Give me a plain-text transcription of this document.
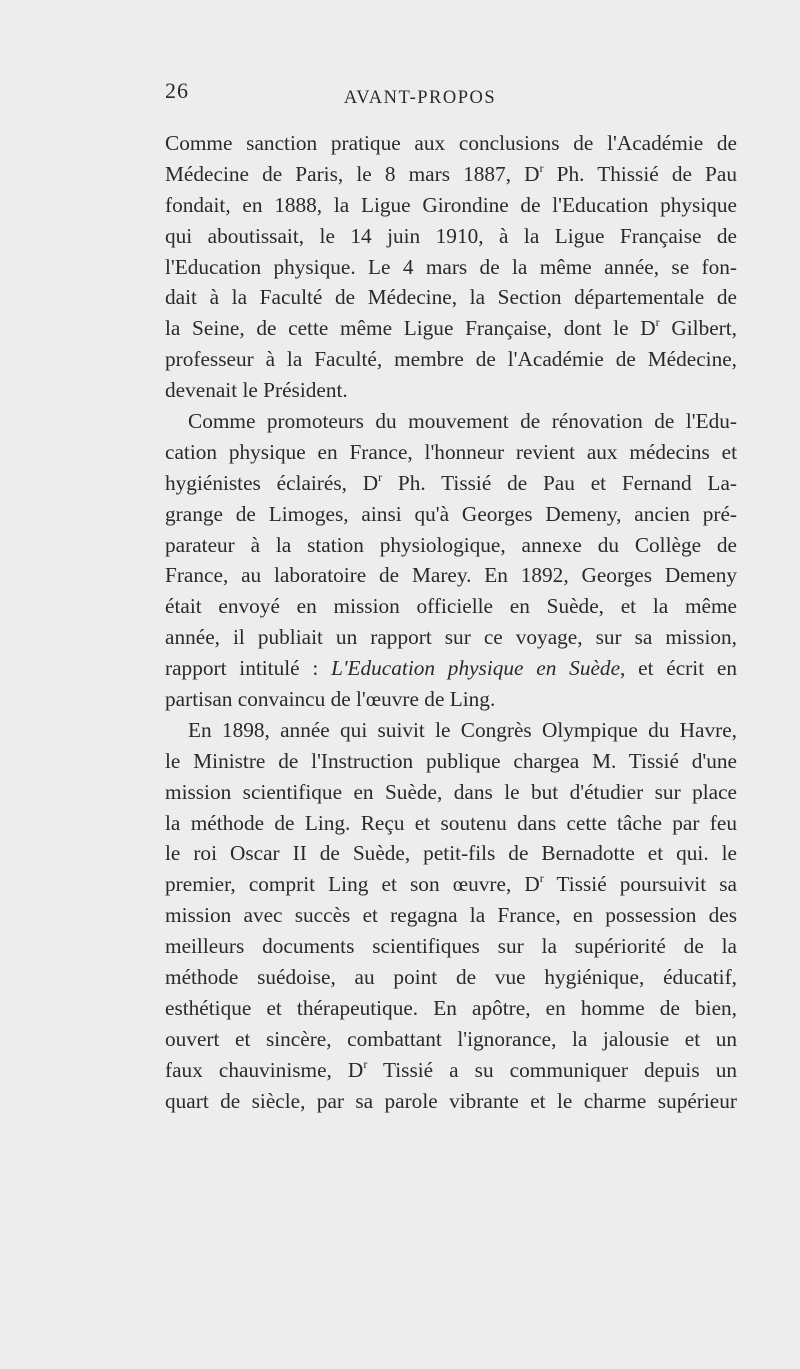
26	AVANT-PROPOS
Comme sanction pratique aux conclusions de l'Académie de
Médecine de Paris, le 8 mars 1887, $D^r$ Ph. Thissié de Pau
fondait, en 1888, la Ligue Girondine de l'Education physique
qui aboutissait, le 14 juin 1910, à la Ligue Française de
l'Education physique. Le 4 mars de la même année, se fon-
dait à la Faculté de Médecine, la Section départementale de
la Seine, de cette même Ligue Française, dont le $D^r$ Gilbert,
professeur à la Faculté, membre de l'Académie de Médecine,
devenait le Président.
Comme promoteurs du mouvement de rénovation de l'Edu-
cation physique en France, l'honneur revient aux médecins et
hygiénistes éclairés, $D^r$ Ph. Tissié de Pau et Fernand La-
grange de Limoges, ainsi qu'à Georges Demeny, ancien pré-
parateur à la station physiologique, annexe du Collège de
France, au laboratoire de Marey. En 1892, Georges Demeny
était envoyé en mission officielle en Suède, et la même
année, il publiait un rapport sur ce voyage, sur sa mission,
rapport intitulé : L'Education physique en Suède, et écrit en
partisan convaincu de l'œuvre de Ling.
En 1898, année qui suivit le Congrès Olympique du Havre,
le Ministre de l'Instruction publique chargea M. Tissié d'une
mission scientifique en Suède, dans le but d'étudier sur place
la méthode de Ling. Reçu et soutenu dans cette tâche par feu
le roi Oscar II de Suède, petit-fils de Bernadotte et qui. le
premier, comprit Ling et son œuvre, $D^r$ Tissié poursuivit sa
mission avec succès et regagna la France, en possession des
meilleurs documents scientifiques sur la supériorité de la
méthode suédoise, au point de vue hygiénique, éducatif,
esthétique et thérapeutique. En apôtre, en homme de bien,
ouvert et sincère, combattant l'ignorance, la jalousie et un
faux chauvinisme, $D^r$ Tissié a su communiquer depuis un
quart de siècle, par sa parole vibrante et le charme supérieur
